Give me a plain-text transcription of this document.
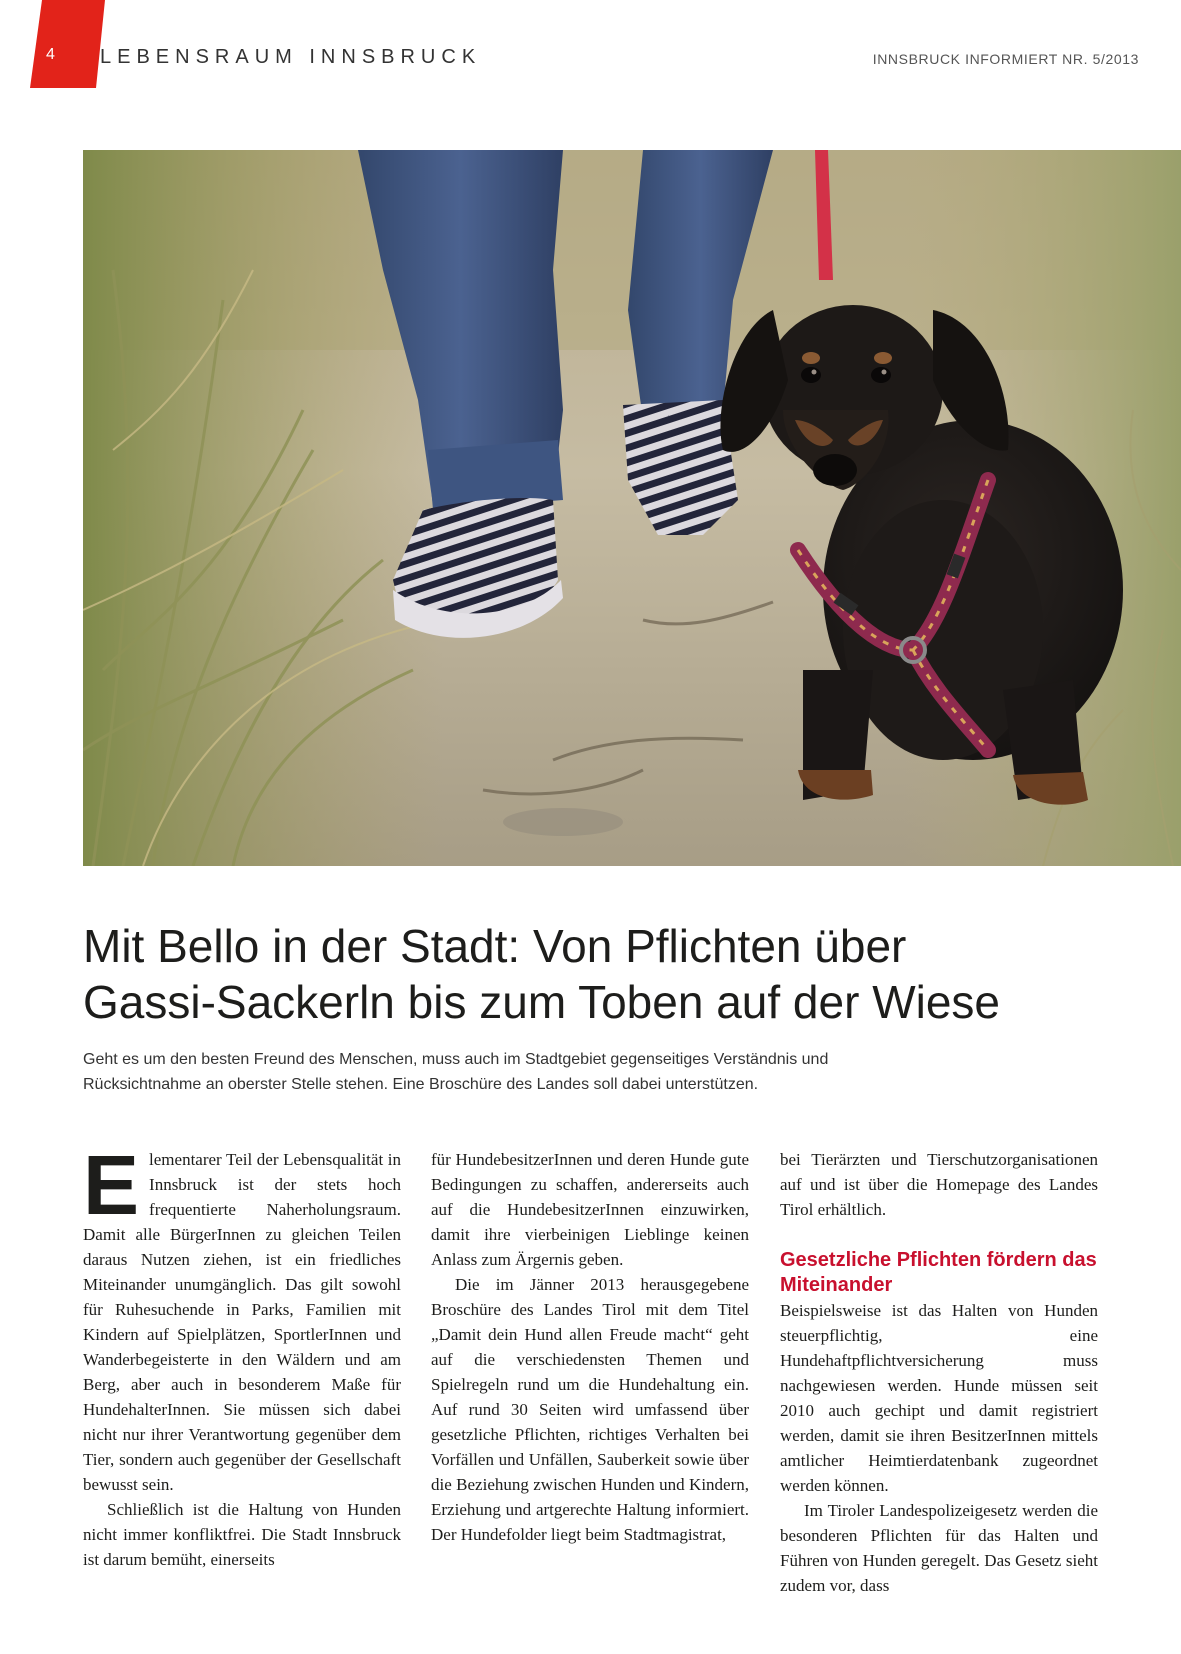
4 LEBENSRAUM INNSBRUCK	INNSBRUCK INFORMIERT NR. 5/2013
Mit Bello in der Stadt: Von Pflichten über
Gassi-Sackerln bis zum Toben auf der Wiese
Geht es um den besten Freund des Menschen, muss auch im Stadtgebiet gegenseitiges Verständnis und
Rücksichtnahme an oberster Stelle stehen. Eine Broschüre des Landes soll dabei unterstützen.
E lementarer Teil der Lebensqualität in Innsbruck ist der stets hoch frequentierte Naherholungsraum. Damit alle BürgerInnen zu gleichen Teilen daraus Nutzen ziehen, ist ein friedliches Miteinander unumgänglich. Das gilt sowohl für Ruhesuchende in Parks, Familien mit Kindern auf Spielplätzen, SportlerInnen und Wanderbegeisterte in den Wäldern und am Berg, aber auch in besonderem Maße für HundehalterInnen. Sie müssen sich dabei nicht nur ihrer Verantwortung gegenüber dem Tier, sondern auch gegenüber der Gesellschaft bewusst sein.

Schließlich ist die Haltung von Hunden nicht immer konfliktfrei. Die Stadt Innsbruck ist darum bemüht, einerseits

für HundebesitzerInnen und deren Hunde gute Bedingungen zu schaffen, andererseits auch auf die HundebesitzerInnen einzuwirken, damit ihre vierbeinigen Lieblinge keinen Anlass zum Ärgernis geben.

Die im Jänner 2013 herausgegebene Broschüre des Landes Tirol mit dem Titel „Damit dein Hund allen Freude macht“ geht auf die verschiedensten Themen und Spielregeln rund um die Hundehaltung ein. Auf rund 30 Seiten wird umfassend über gesetzliche Pflichten, richtiges Verhalten bei Vorfällen und Unfällen, Sauberkeit sowie über die Beziehung zwischen Hunden und Kindern, Erziehung und artgerechte Haltung informiert. Der Hundefolder liegt beim Stadtmagistrat,

bei Tierärzten und Tierschutzorganisationen auf und ist über die Homepage des Landes Tirol erhältlich.

Gesetzliche Pflichten fördern das Miteinander

Beispielsweise ist das Halten von Hunden steuerpflichtig, eine Hundehaftpflichtversicherung muss nachgewiesen werden. Hunde müssen seit 2010 auch gechipt und damit registriert werden, damit sie ihren BesitzerInnen mittels amtlicher Heimtierdatenbank zugeordnet werden können.

Im Tiroler Landespolizeigesetz werden die besonderen Pflichten für das Halten und Führen von Hunden geregelt. Das Gesetz sieht zudem vor, dass
